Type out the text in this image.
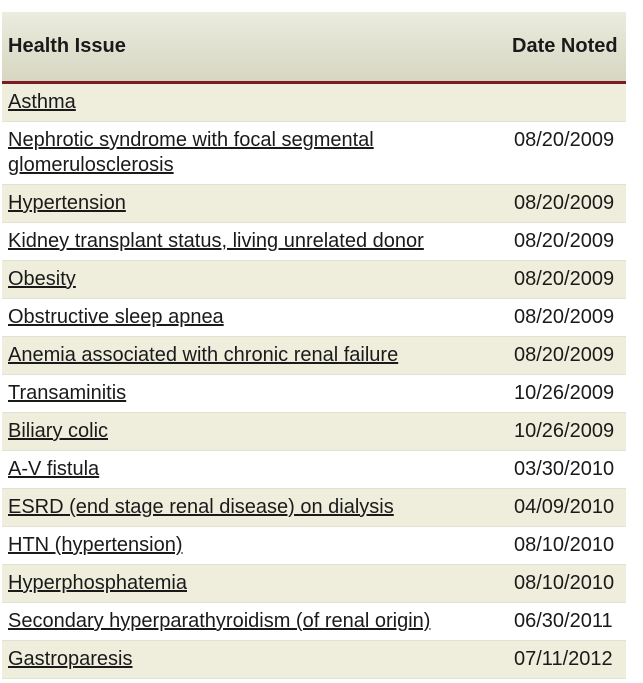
Health Issue	Date Noted
Asthma	
Nephrotic syndrome with focal segmental glomerulosclerosis	08/20/2009
Hypertension	08/20/2009
Kidney transplant status, living unrelated donor	08/20/2009
Obesity	08/20/2009
Obstructive sleep apnea	08/20/2009
Anemia associated with chronic renal failure	08/20/2009
Transaminitis	10/26/2009
Biliary colic	10/26/2009
A-V fistula	03/30/2010
ESRD (end stage renal disease) on dialysis	04/09/2010
HTN (hypertension)	08/10/2010
Hyperphosphatemia	08/10/2010
Secondary hyperparathyroidism (of renal origin)	06/30/2011
Gastroparesis	07/11/2012
